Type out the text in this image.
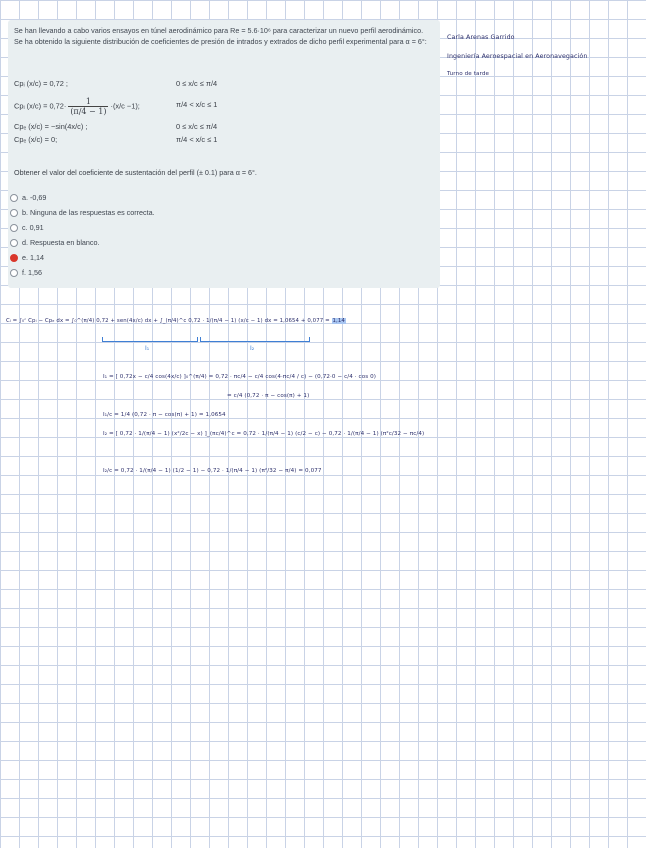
Se han llevando a cabo varios ensayos en túnel aerodinámico para Re = 5.6·10⁶ para caracterizar un nuevo perfil aerodinámico.

Se ha obtenido la siguiente distribución de coeficientes de presión de intrados y extrados de dicho perfil experimental para α = 6°:

Cpᵢ (x/c) = 0,72 ;	0 ≤ x/c ≤ π/4
Cpᵢ $(x/c) = 0,72\cdot \frac{1}{(\pi/4 - 1)} \cdot(x/c -1)$;	π/4 < x/c ≤ 1
Cpₑ (x/c) = −sin(4x/c) ;	0 ≤ x/c ≤ π/4
Cpₑ (x/c) = 0;	π/4 < x/c ≤ 1
Obtener el valor del coeficiente de sustentación del perfil (± 0.1) para α = 6°.
a. -0,69
b. Ninguna de las respuestas es correcta.
c. 0,91
d. Respuesta en blanco.
e. 1,14
f. 1,56
Carla Arenas Garrido
Ingeniería Aeroespacial en Aeronavegación
Turno de tarde
Cₗ = ∫₀ᶜ Cpᵢ − Cpₑ dx = ∫₀^(π/4) 0,72 + sen(4x/c) dx + ∫_(π/4)^c 0,72 · 1/(π/4 − 1) (x/c − 1) dx = 1,0654 + 0,077 = 1,14
I₁	I₂
I₁ = [ 0,72x − c/4 cos(4x/c) ]₀^(π/4) = 0,72 · πc/4 − c/4 cos(4·πc/4 / c) − (0,72·0 − c/4 · cos 0)
= c/4 (0,72 · π − cos(π) + 1)
I₁/c = 1/4 (0,72 · π − cos(π) + 1) = 1,0654
I₂ = [ 0,72 · 1/(π/4 − 1) (x²/2c − x) ]_(πc/4)^c = 0,72 · 1/(π/4 − 1) (c/2 − c) − 0,72 · 1/(π/4 − 1) (π²c/32 − πc/4)
I₂/c = 0,72 · 1/(π/4 − 1) (1/2 − 1) − 0,72 · 1/(π/4 − 1) (π²/32 − π/4) = 0,077
